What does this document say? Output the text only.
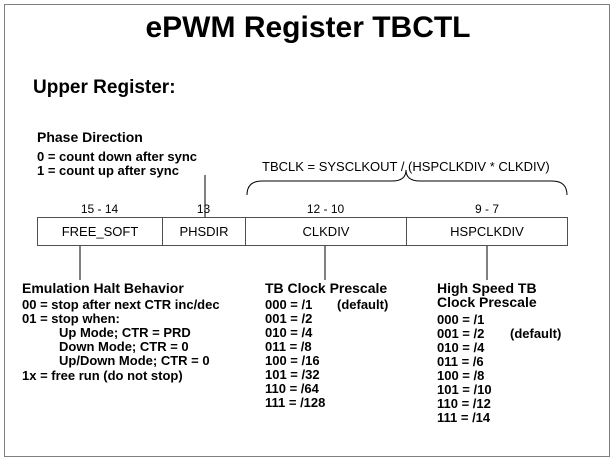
ePWM Register TBCTL
Upper Register:
Phase Direction
0 = count down after sync
1 = count up after sync	TBCLK = SYSCLKOUT / (HSPCLKDIV * CLKDIV)
15 - 14	13	12 - 10	9 - 7
FREE_SOFT	PHSDIR	CLKDIV	HSPCLKDIV
Emulation Halt Behavior
00 = stop after next CTR inc/dec
01 = stop when:
Up Mode; CTR = PRD
Down Mode; CTR = 0
Up/Down Mode; CTR = 0
1x = free run (do not stop)
TB Clock Prescale
000 = /1 (default)
001 = /2
010 = /4
011 = /8
100 = /16
101 = /32
110 = /64
111 = /128
High Speed TB
Clock Prescale
000 = /1
001 = /2 (default)
010 = /4
011 = /6
100 = /8
101 = /10
110 = /12
111 = /14
